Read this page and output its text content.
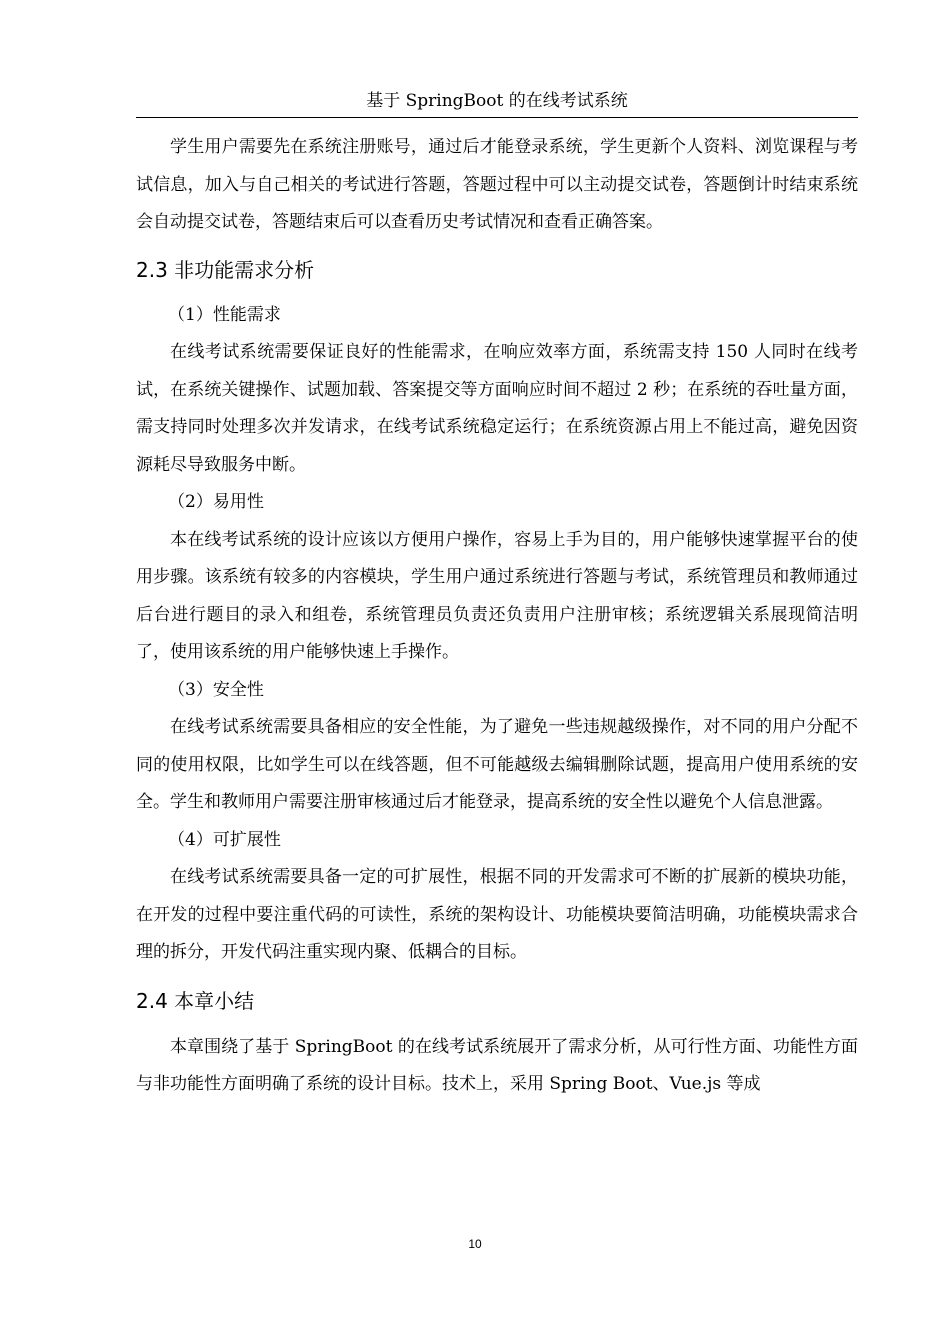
基于 SpringBoot 的在线考试系统

学生用户需要先在系统注册账号，通过后才能登录系统，学生更新个人资料、浏览课程与考试信息，加入与自己相关的考试进行答题，答题过程中可以主动提交试卷，答题倒计时结束系统会自动提交试卷，答题结束后可以查看历史考试情况和查看正确答案。

2.3 非功能需求分析

（1）性能需求

在线考试系统需要保证良好的性能需求，在响应效率方面，系统需支持 150 人同时在线考试，在系统关键操作、试题加载、答案提交等方面响应时间不超过 2 秒；在系统的吞吐量方面，需支持同时处理多次并发请求，在线考试系统稳定运行；在系统资源占用上不能过高，避免因资源耗尽导致服务中断。

（2）易用性

本在线考试系统的设计应该以方便用户操作，容易上手为目的，用户能够快速掌握平台的使用步骤。该系统有较多的内容模块，学生用户通过系统进行答题与考试，系统管理员和教师通过后台进行题目的录入和组卷，系统管理员负责还负责用户注册审核；系统逻辑关系展现简洁明了，使用该系统的用户能够快速上手操作。

（3）安全性

在线考试系统需要具备相应的安全性能，为了避免一些违规越级操作，对不同的用户分配不同的使用权限，比如学生可以在线答题，但不可能越级去编辑删除试题，提高用户使用系统的安全。学生和教师用户需要注册审核通过后才能登录，提高系统的安全性以避免个人信息泄露。

（4）可扩展性

在线考试系统需要具备一定的可扩展性，根据不同的开发需求可不断的扩展新的模块功能，在开发的过程中要注重代码的可读性，系统的架构设计、功能模块要简洁明确，功能模块需求合理的拆分，开发代码注重实现内聚、低耦合的目标。

2.4 本章小结

本章围绕了基于 SpringBoot 的在线考试系统展开了需求分析，从可行性方面、功能性方面与非功能性方面明确了系统的设计目标。技术上，采用 Spring Boot、Vue.js 等成

10
